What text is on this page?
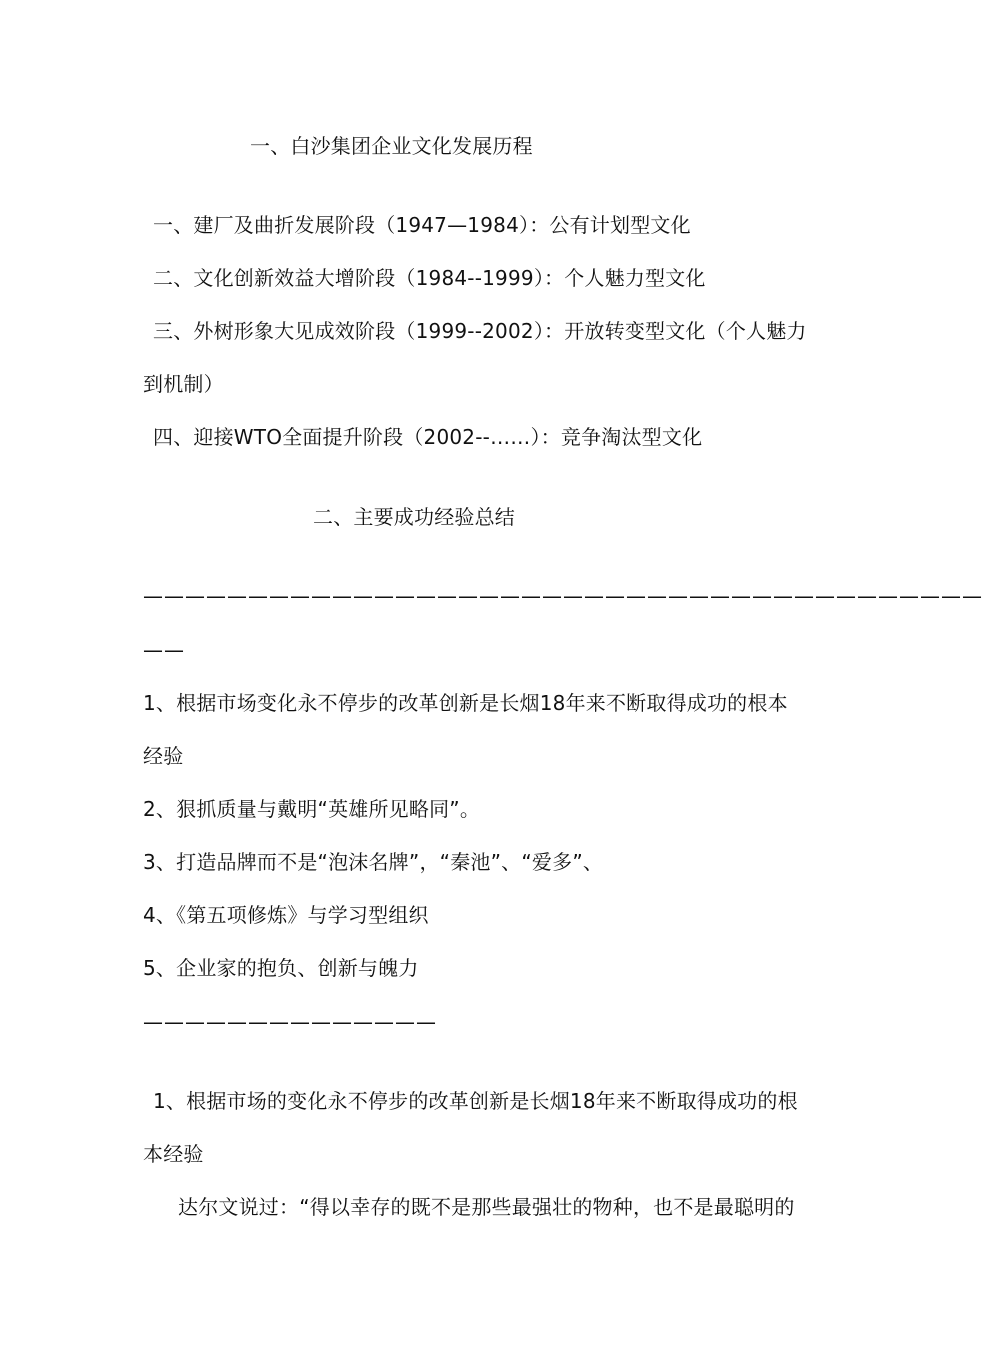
一、白沙集团企业文化发展历程
一、建厂及曲折发展阶段（1947—1984）：公有计划型文化
二、文化创新效益大增阶段（1984--1999）：个人魅力型文化
三、外树形象大见成效阶段（1999--2002）：开放转变型文化（个人魅力
到机制）
四、迎接WTO全面提升阶段（2002--……）：竞争淘汰型文化
二、主要成功经验总结
————————————————————————————————————————
——
1、根据市场变化永不停步的改革创新是长烟18年来不断取得成功的根本
经验
2、狠抓质量与戴明“英雄所见略同”。
3、打造品牌而不是“泡沫名牌”，“秦池”、“爱多”、
4、《第五项修炼》与学习型组织
5、企业家的抱负、创新与魄力
——————————————
1、根据市场的变化永不停步的改革创新是长烟18年来不断取得成功的根
本经验
达尔文说过：“得以幸存的既不是那些最强壮的物种，也不是最聪明的
